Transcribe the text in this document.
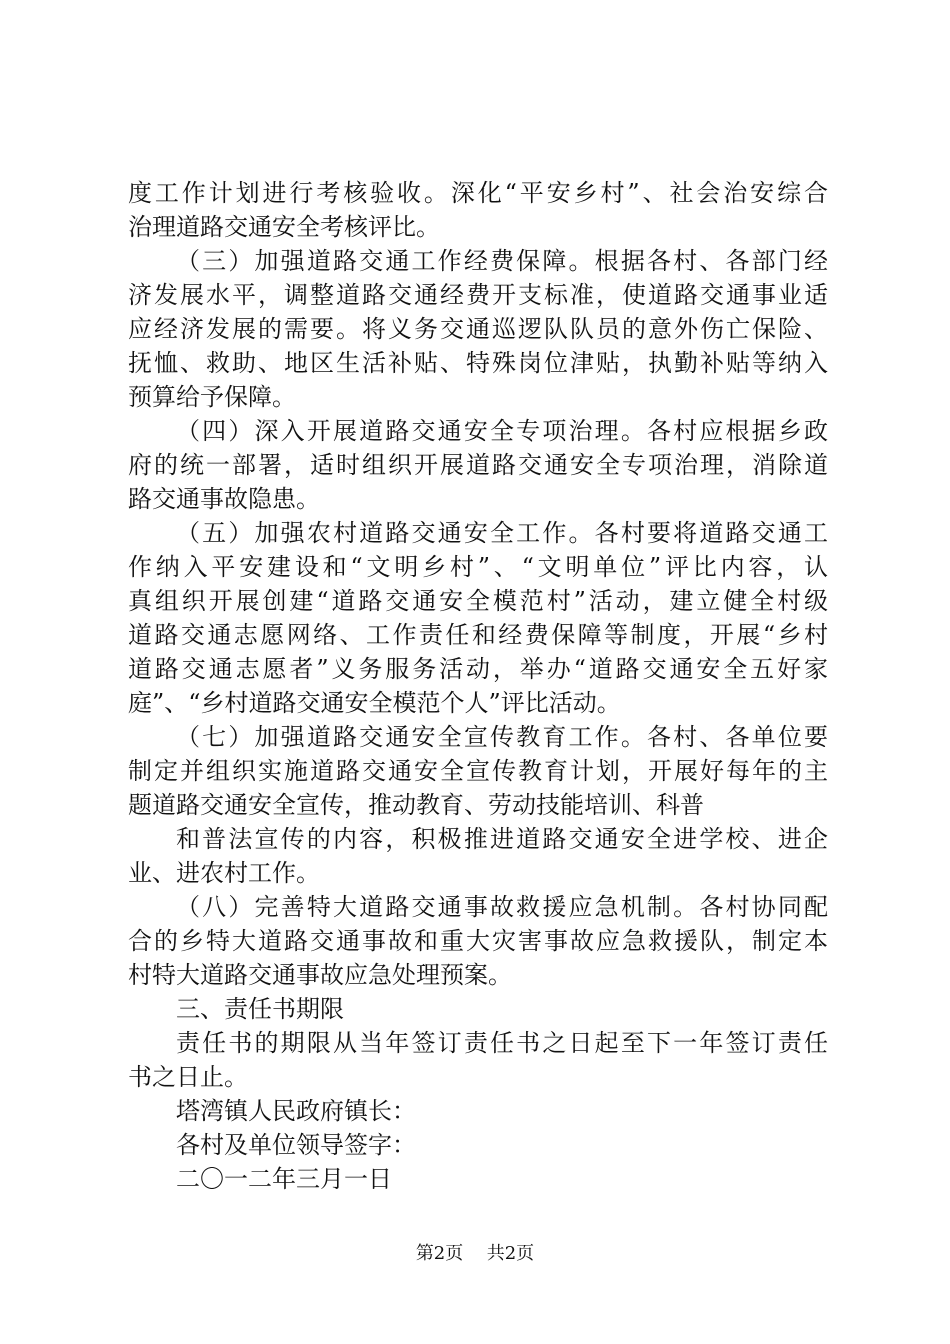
度工作计划进行考核验收。深化“平安乡村”、社会治安综合
治理道路交通安全考核评比。
（三）加强道路交通工作经费保障。根据各村、各部门经
济发展水平，调整道路交通经费开支标准，使道路交通事业适
应经济发展的需要。将义务交通巡逻队队员的意外伤亡保险、
抚恤、救助、地区生活补贴、特殊岗位津贴，执勤补贴等纳入
预算给予保障。
（四）深入开展道路交通安全专项治理。各村应根据乡政
府的统一部署，适时组织开展道路交通安全专项治理，消除道
路交通事故隐患。
（五）加强农村道路交通安全工作。各村要将道路交通工
作纳入平安建设和“文明乡村”、“文明单位”评比内容，认
真组织开展创建“道路交通安全模范村”活动，建立健全村级
道路交通志愿网络、工作责任和经费保障等制度，开展“乡村
道路交通志愿者”义务服务活动，举办“道路交通安全五好家
庭”、“乡村道路交通安全模范个人”评比活动。
（七）加强道路交通安全宣传教育工作。各村、各单位要
制定并组织实施道路交通安全宣传教育计划，开展好每年的主
题道路交通安全宣传，推动教育、劳动技能培训、科普
和普法宣传的内容，积极推进道路交通安全进学校、进企
业、进农村工作。
（八）完善特大道路交通事故救援应急机制。各村协同配
合的乡特大道路交通事故和重大灾害事故应急救援队，制定本
村特大道路交通事故应急处理预案。
三、责任书期限
责任书的期限从当年签订责任书之日起至下一年签订责任
书之日止。
塔湾镇人民政府镇长：
各村及单位领导签字：
二〇一二年三月一日
第2页 共2页
